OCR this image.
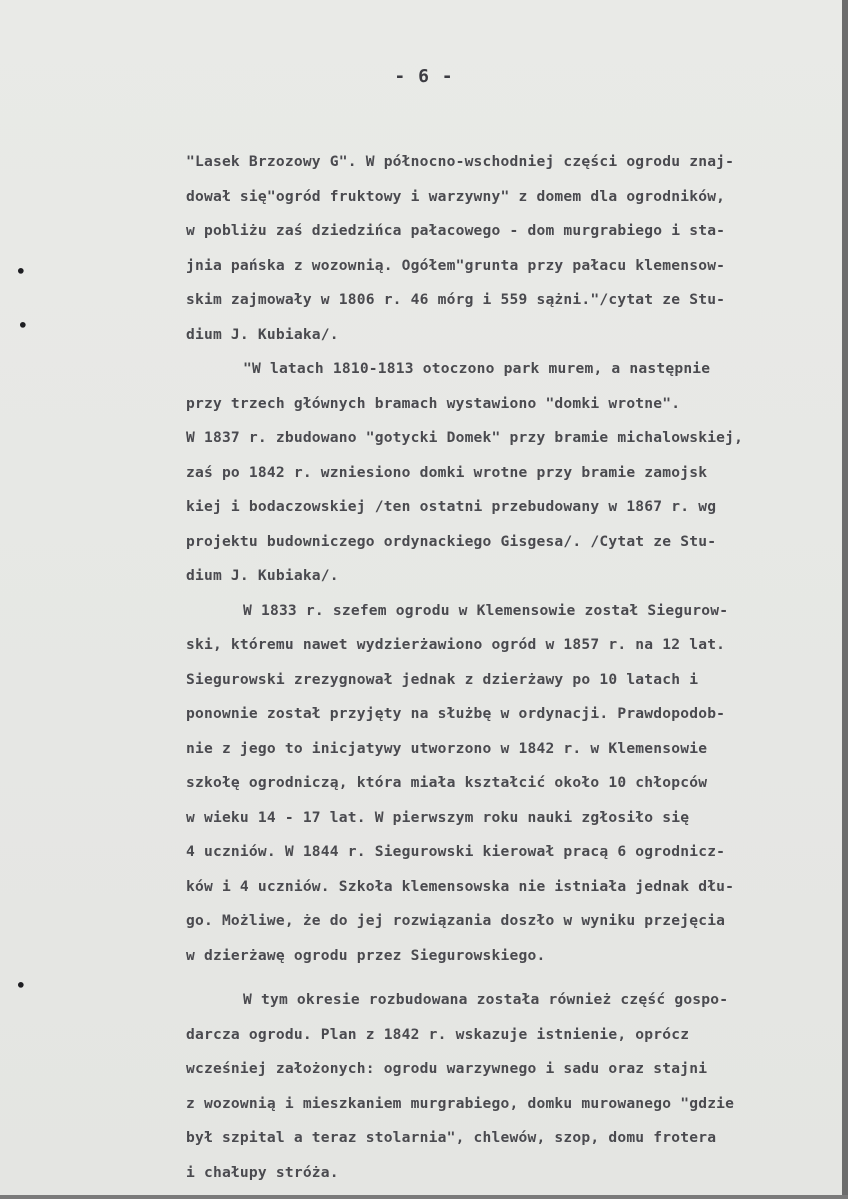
- 6 -
•
•
•
"Lasek Brzozowy G". W północno-wschodniej części ogrodu znaj-
dował się"ogród fruktowy i warzywny" z domem dla ogrodników,
w pobliżu zaś dziedzińca pałacowego - dom murgrabiego i sta-
jnia pańska z wozownią. Ogółem"grunta przy pałacu klemensow-
skim zajmowały w 1806 r. 46 mórg i 559 sążni."/cytat ze Stu-
dium J. Kubiaka/.
"W latach 1810-1813 otoczono park murem, a następnie
przy trzech głównych bramach wystawiono "domki wrotne".
W 1837 r. zbudowano "gotycki Domek" przy bramie michalowskiej,
zaś po 1842 r. wzniesiono domki wrotne przy bramie zamojsk
kiej i bodaczowskiej /ten ostatni przebudowany w 1867 r. wg
projektu budowniczego ordynackiego Gisgesa/. /Cytat ze Stu-
dium J. Kubiaka/.
W 1833 r. szefem ogrodu w Klemensowie został Siegurow-
ski, któremu nawet wydzierżawiono ogród w 1857 r. na 12 lat.
Siegurowski zrezygnował jednak z dzierżawy po 10 latach i
ponownie został przyjęty na służbę w ordynacji. Prawdopodob-
nie z jego to inicjatywy utworzono w 1842 r. w Klemensowie
szkołę ogrodniczą, która miała kształcić około 10 chłopców
w wieku 14 - 17 lat. W pierwszym roku nauki zgłosiło się
4 uczniów. W 1844 r. Siegurowski kierował pracą 6 ogrodnicz-
ków i 4 uczniów. Szkoła klemensowska nie istniała jednak dłu-
go. Możliwe, że do jej rozwiązania doszło w wyniku przejęcia
w dzierżawę ogrodu przez Siegurowskiego.
W tym okresie rozbudowana została również część gospo-
darcza ogrodu. Plan z 1842 r. wskazuje istnienie, oprócz
wcześniej założonych: ogrodu warzywnego i sadu oraz stajni
z wozownią i mieszkaniem murgrabiego, domku murowanego "gdzie
był szpital a teraz stolarnia", chlewów, szop, domu frotera
i chałupy stróża.
